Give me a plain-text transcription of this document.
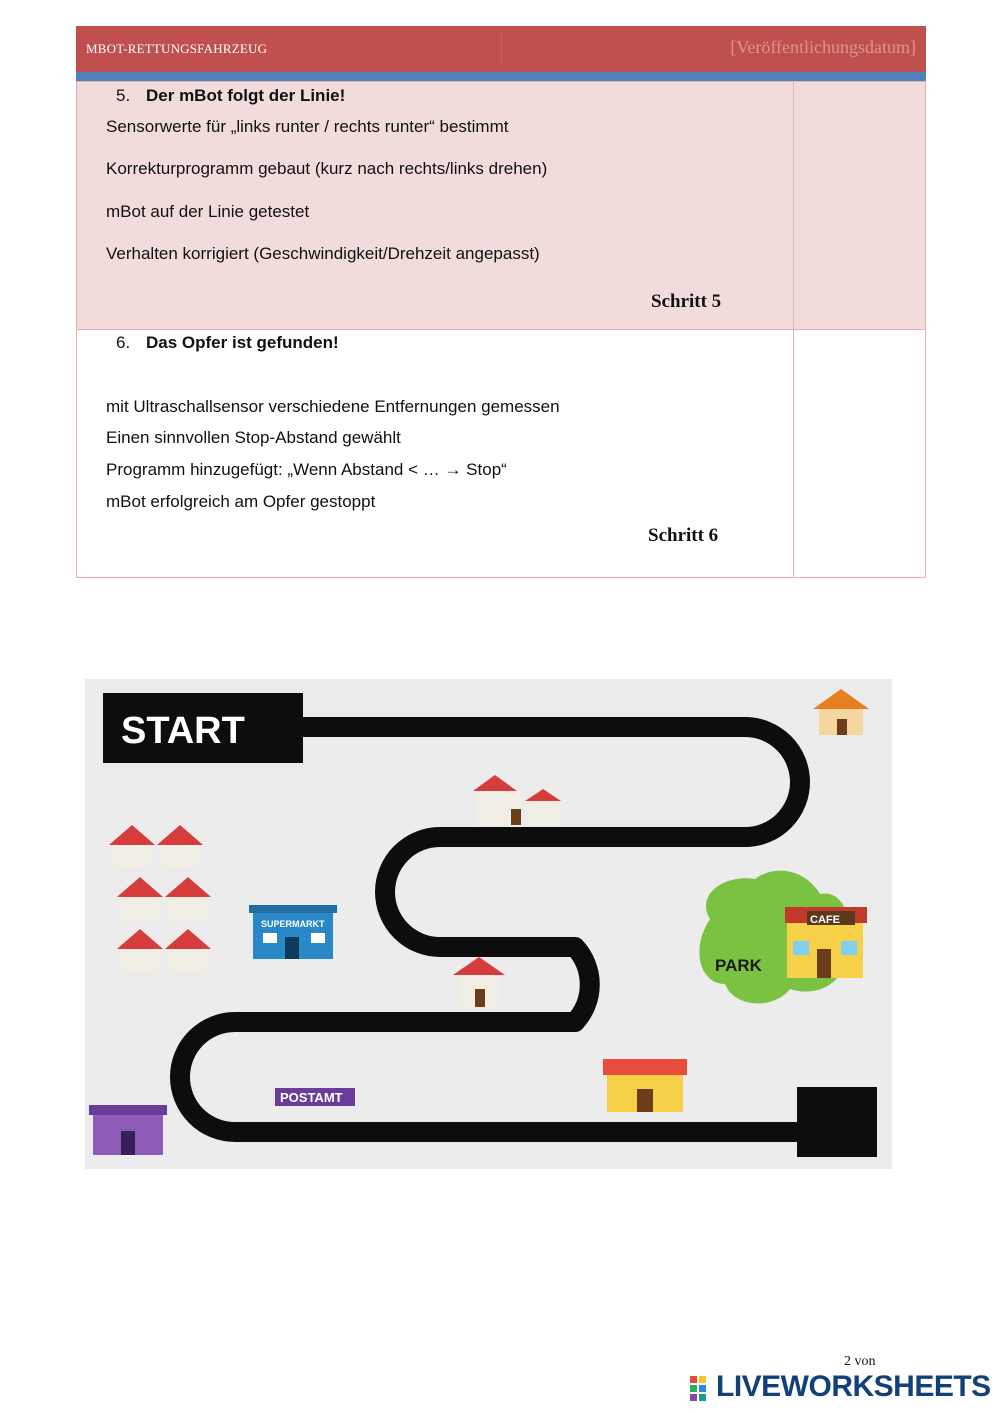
MBOT-RETTUNGSFAHRZEUG	[Veröffentlichungsdatum]
5. Der mBot folgt der Linie!
Sensorwerte für „links runter / rechts runter“ bestimmt
Korrekturprogramm gebaut (kurz nach rechts/links drehen)
mBot auf der Linie getestet
Verhalten korrigiert (Geschwindigkeit/Drehzeit angepasst)
Schritt 5
6. Das Opfer ist gefunden!
mit Ultraschallsensor verschiedene Entfernungen gemessen
Einen sinnvollen Stop-Abstand gewählt
Programm hinzugefügt: „Wenn Abstand < … → Stop“
mBot erfolgreich am Opfer gestoppt
Schritt 6
START
PARK
CAFE
SUPERMARKT
POSTAMT
2 von
LIVEWORKSHEETS
